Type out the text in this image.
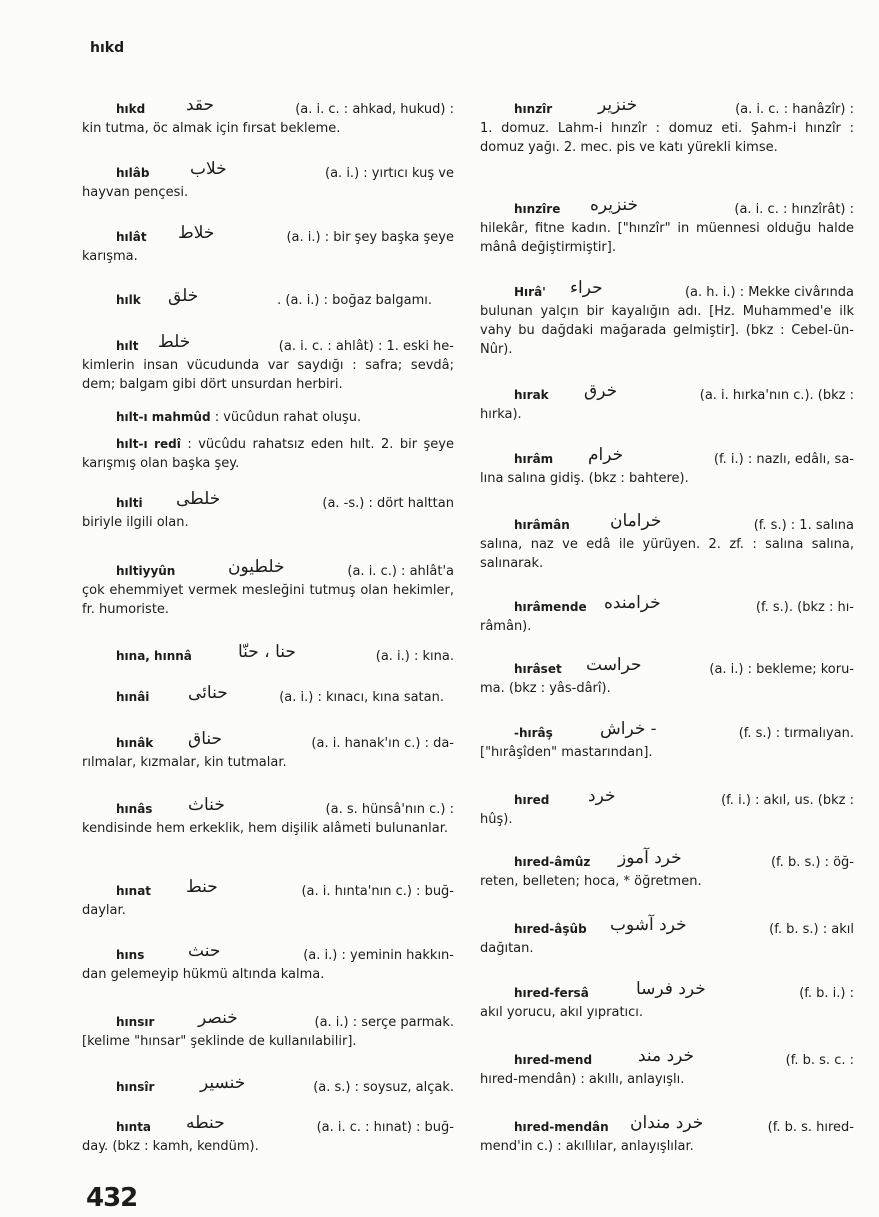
hıkd
hıkd حقد	(a. i. c. : ahkad, hukud) :
kin tutma, öc almak için fırsat bekleme.
hılâb خلاب	(a. i.) : yırtıcı kuş ve
hayvan pençesi.
hılât خلاط	(a. i.) : bir şey başka şeye
karışma.
hılk خلق	. (a. i.) : boğaz balgamı.
hılt خلط	(a. i. c. : ahlât) : 1. eski he-
kimlerin insan vücudunda var saydığı : safra; sevdâ; dem; balgam gibi dört unsurdan herbiri.
hılt-ı mahmûd : vücûdun rahat oluşu.
hılt-ı redî : vücûdu rahatsız eden hılt. 2. bir şeye karışmış olan başka şey.
hılti خلطى	(a. -s.) : dört halttan
biriyle ilgili olan.
hıltiyyûn	خلطيون	(a. i. c.) : ahlât'a
çok ehemmiyet vermek mesleğini tutmuş olan hekimler, fr. humoriste.
hına, hınnâ	حنا ، حنّا	(a. i.) : kına.
hınâi حنائى	(a. i.) : kınacı, kına satan.
hınâk حناق	(a. i. hanak'ın c.) : da-
rılmalar, kızmalar, kin tutmalar.
hınâs خناث	(a. s. hünsâ'nın c.) :
kendisinde hem erkeklik, hem dişilik alâmeti bulunanlar.
hınat حنط	(a. i. hınta'nın c.) : buğ-
daylar.
hıns	حنث	(a. i.) : yeminin hakkın-
dan gelemeyip hükmü altında kalma.
hınsır	خنصر	(a. i.) : serçe parmak.
[kelime "hınsar" şeklinde de kullanılabilir].
hınsîr	خنسير	(a. s.) : soysuz, alçak.
hınta حنطه	(a. i. c. : hınat) : buğ-
day. (bkz : kamh, kendüm).
hınzîr	خنزير	(a. i. c. : hanâzîr) :
1. domuz. Lahm-i hınzîr : domuz eti. Şahm-i hınzîr : domuz yağı. 2. mec. pis ve katı yürekli kimse.
hınzîre خنزيره	(a. i. c. : hınzîrât) :
hilekâr, fitne kadın. ["hınzîr" in müennesi olduğu halde mânâ değiştirmiştir].
Hırâ' حراء	(a. h. i.) : Mekke civârında
bulunan yalçın bir kayalığın adı. [Hz. Muhammed'e ilk vahy bu dağdaki mağarada gelmiştir]. (bkz : Cebel-ün-Nûr).
hırak خرق	(a. i. hırka'nın c.). (bkz :
hırka).
hırâm خرام	(f. i.) : nazlı, edâlı, sa-
lına salına gidiş. (bkz : bahtere).
hırâmân خرامان	(f. s.) : 1. salına
salına, naz ve edâ ile yürüyen. 2. zf. : salına salına, salınarak.
hırâmende خرامنده	(f. s.). (bkz : hı-
râmân).
hırâset حراست	(a. i.) : bekleme; koru-
ma. (bkz : yâs-dârî).
-hırâş	- خراش	(f. s.) : tırmalıyan.
["hırâşîden" mastarından].
hıred خرد	(f. i.) : akıl, us. (bkz :
hûş).
hıred-âmûz خرد آموز	(f. b. s.) : öğ-
reten, belleten; hoca, * öğretmen.
hıred-âşûb خرد آشوب	(f. b. s.) : akıl
dağıtan.
hıred-fersâ	خرد فرسا	(f. b. i.) :
akıl yorucu, akıl yıpratıcı.
hıred-mend	خرد مند	(f. b. s. c. :
hıred-mendân) : akıllı, anlayışlı.
hıred-mendân خرد مندان	(f. b. s. hıred-
mend'in c.) : akıllılar, anlayışlılar.
432
